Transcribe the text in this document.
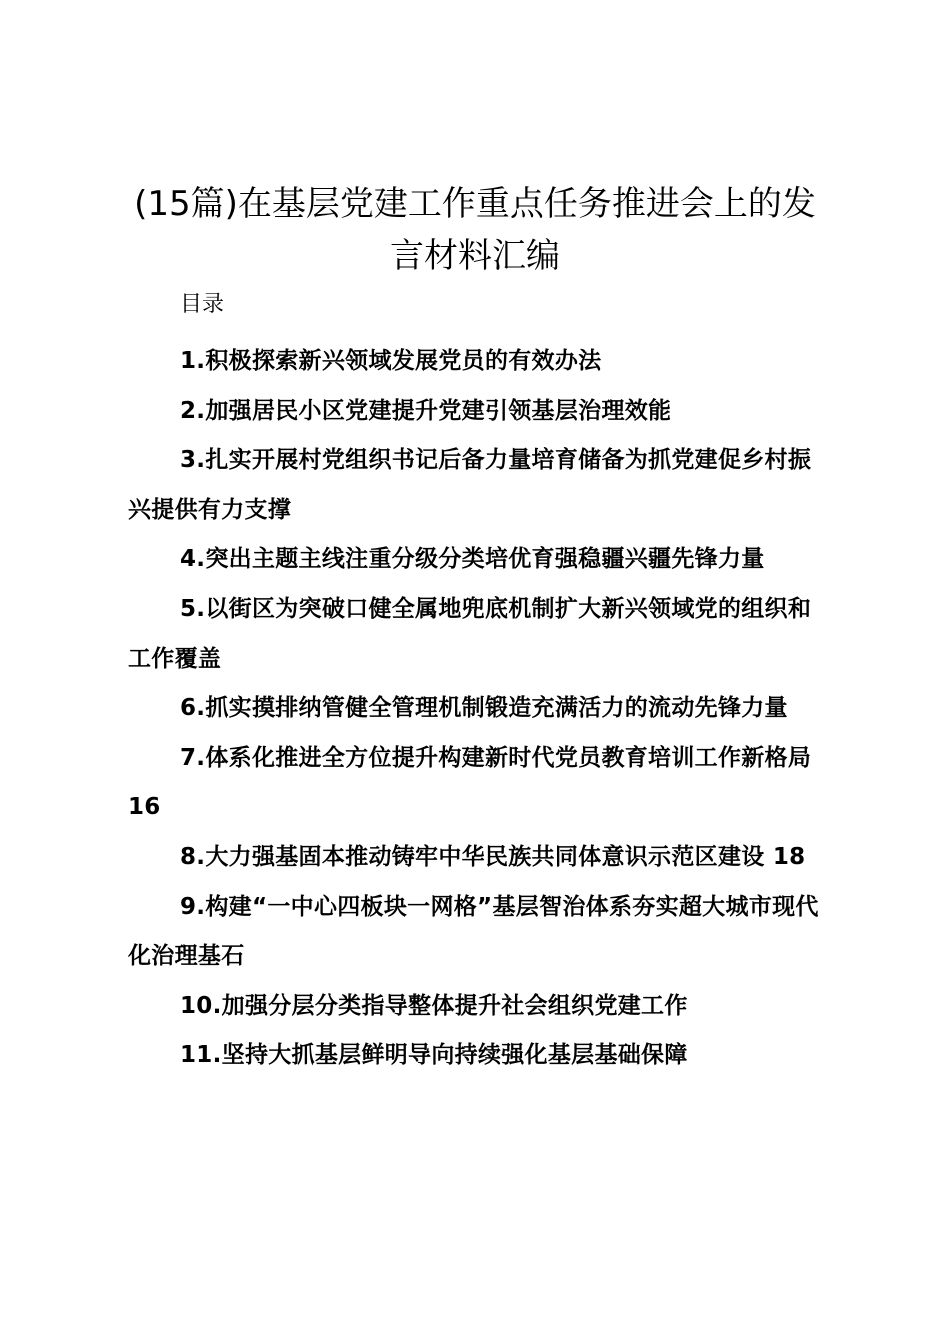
(15篇)在基层党建工作重点任务推进会上的发言材料汇编

目录

1.积极探索新兴领域发展党员的有效办法
2.加强居民小区党建提升党建引领基层治理效能
3.扎实开展村党组织书记后备力量培育储备为抓党建促乡村振兴提供有力支撑
4.突出主题主线注重分级分类培优育强稳疆兴疆先锋力量
5.以街区为突破口健全属地兜底机制扩大新兴领域党的组织和工作覆盖
6.抓实摸排纳管健全管理机制锻造充满活力的流动先锋力量
7.体系化推进全方位提升构建新时代党员教育培训工作新格局 16
8.大力强基固本推动铸牢中华民族共同体意识示范区建设 18
9.构建“一中心四板块一网格”基层智治体系夯实超大城市现代化治理基石
10.加强分层分类指导整体提升社会组织党建工作
11.坚持大抓基层鲜明导向持续强化基层基础保障
